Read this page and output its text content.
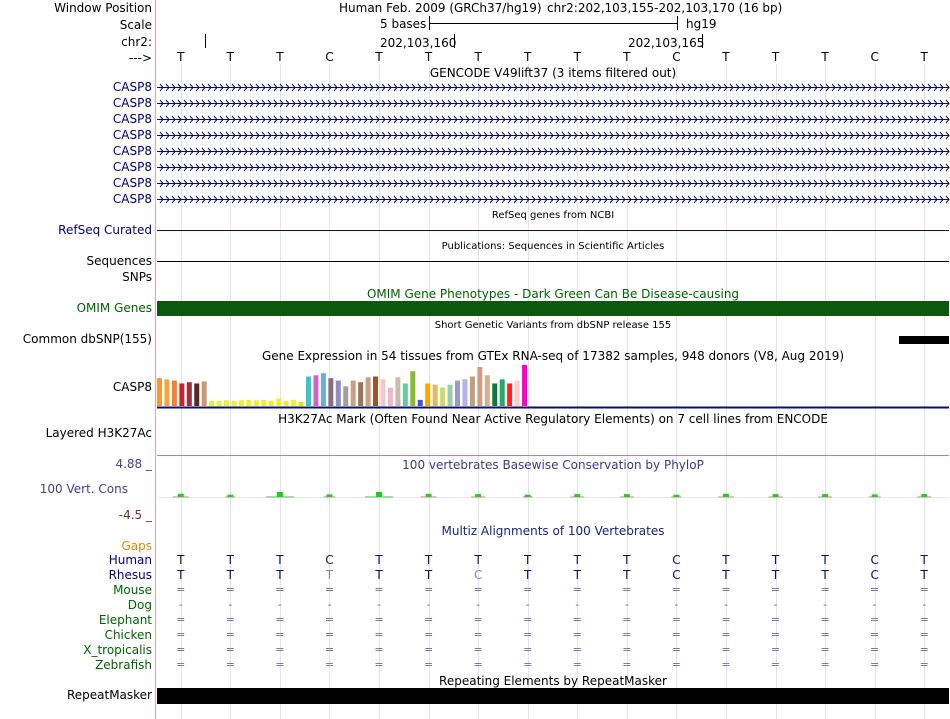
Window Position
Scale
chr2:
--->
Human Feb. 2009 (GRCh37/hg19) chr2:202,103,155-202,103,170 (16 bp)
5 bases	hg19
202,103,160	202,103,165
T	T	T	C	T	T	T	T	T	T	C	T	T	T	C	T
GENCODE V49lift37 (3 items filtered out)
CASP8
CASP8
CASP8
CASP8
CASP8
CASP8
CASP8
CASP8
RefSeq genes from NCBI
RefSeq Curated
Publications: Sequences in Scientific Articles
Sequences
SNPs
OMIM Gene Phenotypes - Dark Green Can Be Disease-causing
OMIM Genes
Short Genetic Variants from dbSNP release 155
Common dbSNP(155)
Gene Expression in 54 tissues from GTEx RNA-seq of 17382 samples, 948 donors (V8, Aug 2019)
CASP8
H3K27Ac Mark (Often Found Near Active Regulatory Elements) on 7 cell lines from ENCODE
Layered H3K27Ac
100 vertebrates Basewise Conservation by PhyloP
4.88 _
100 Vert. Cons
-4.5 _
Multiz Alignments of 100 Vertebrates
Gaps
Human	T	T	T	C	T	T	T	T	T	T	C	T	T	T	C	T
Rhesus	T	T	T	T	T	T	C	T	T	T	C	T	T	T	C	T
Mouse	=	=	=	=	=	=	=	=	=	=	=	=	=	=	=	=
Dog	-	-	-	-	-	-	-	-	-	-	-	-	-	-	-	-
Elephant	=	=	=	=	=	=	=	=	=	=	=	=	=	=	=	=
Chicken	=	=	=	=	=	=	=	=	=	=	=	=	=	=	=	=
X_tropicalis	=	=	=	=	=	=	=	=	=	=	=	=	=	=	=	=
Zebrafish	=	=	=	=	=	=	=	=	=	=	=	=	=	=	=	=
Repeating Elements by RepeatMasker
RepeatMasker
